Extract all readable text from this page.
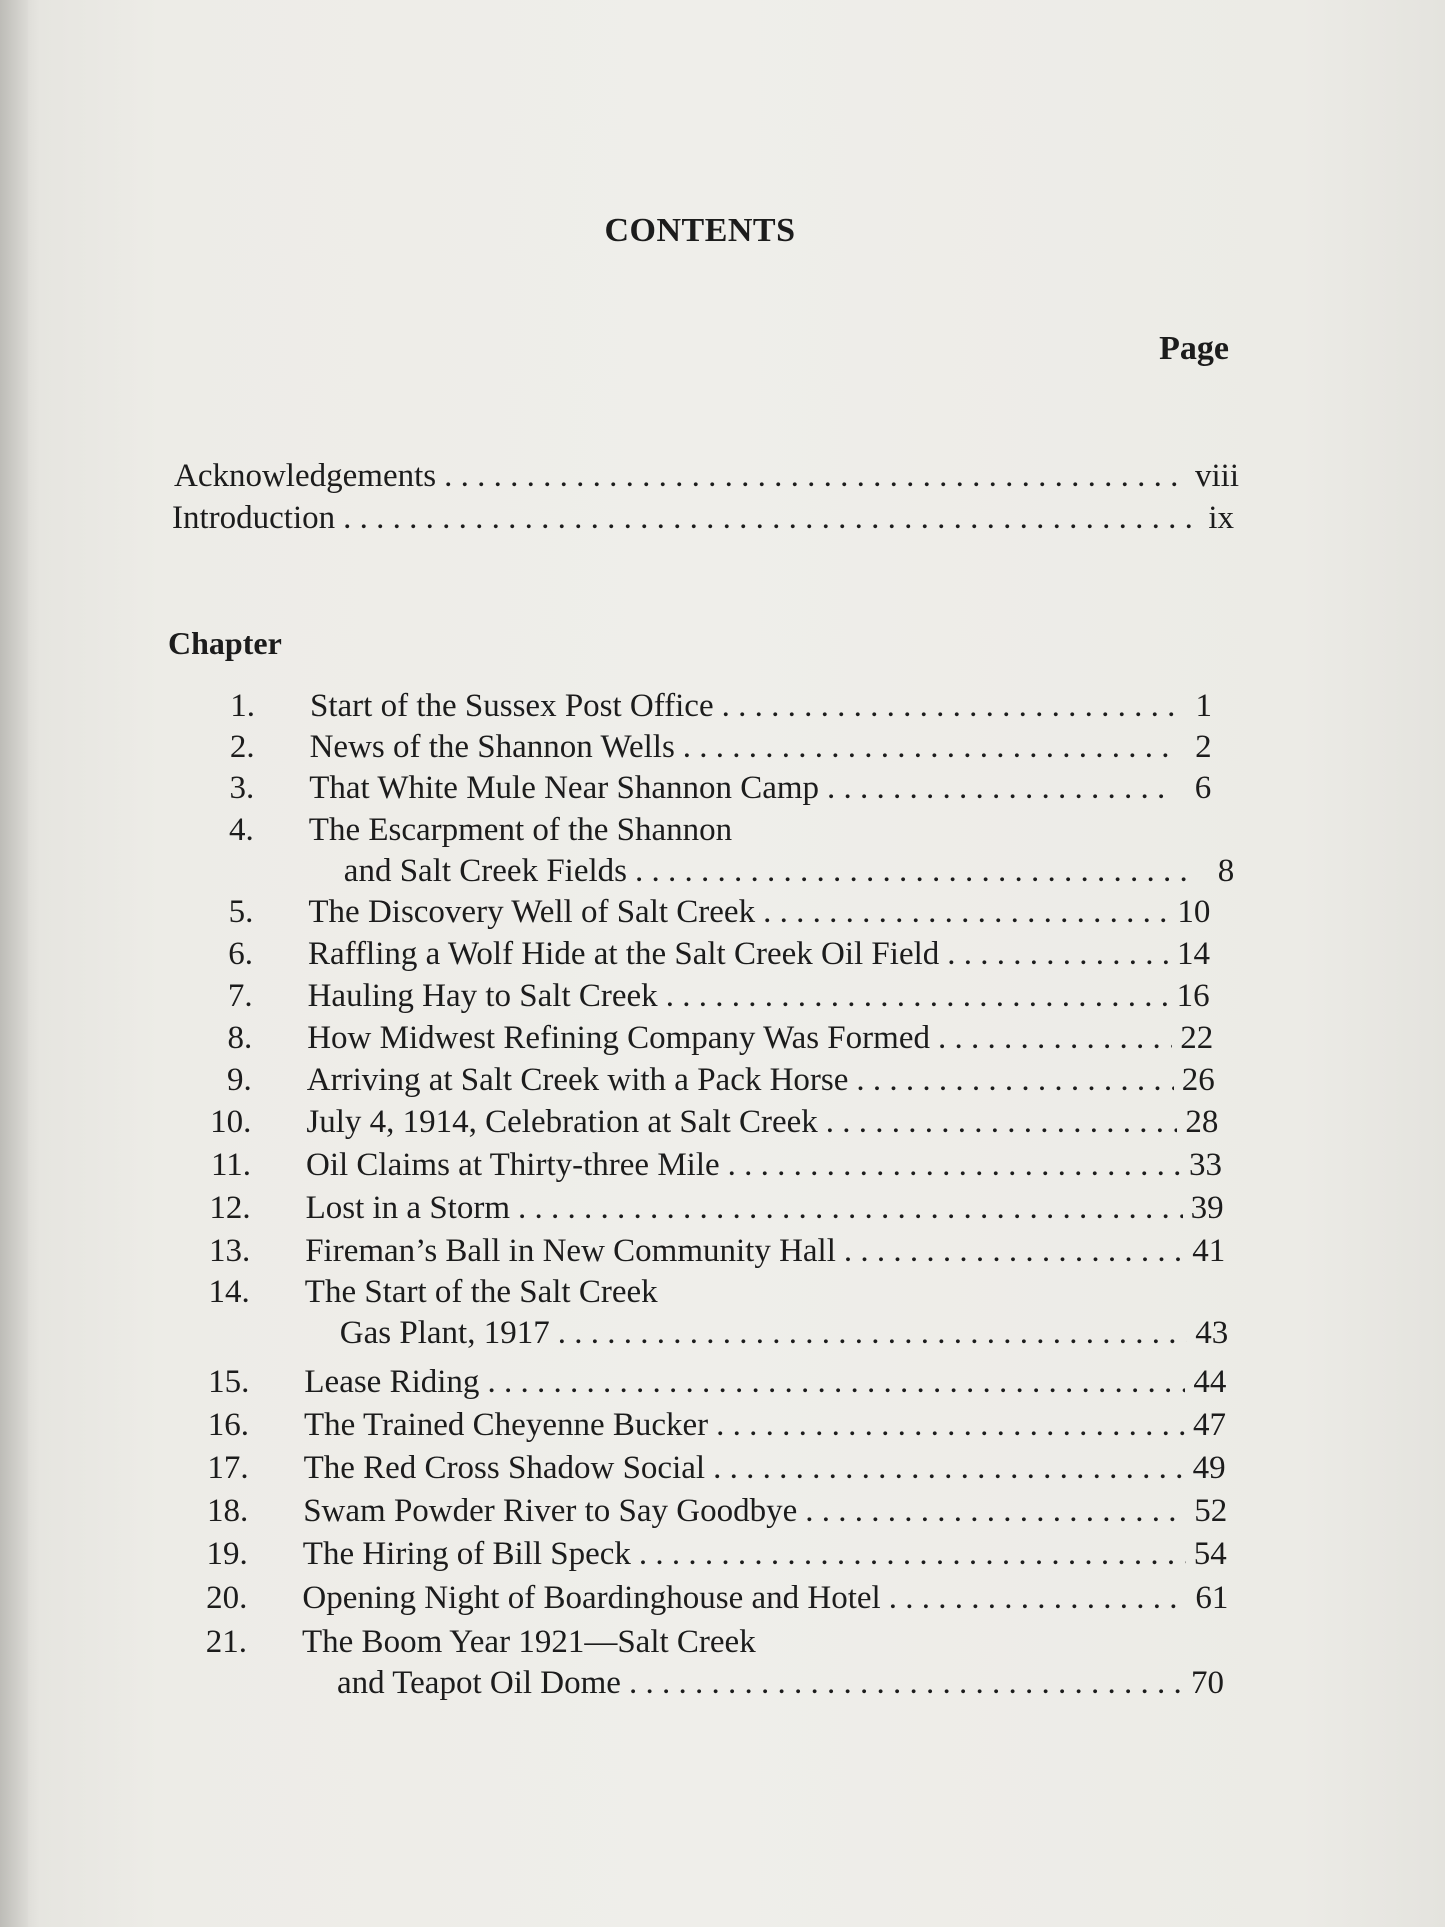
CONTENTS
Page
Acknowledgements . . .	viii
Introduction . . .	ix
Chapter
1. Start of the Sussex Post Office . . .	1
2. News of the Shannon Wells . . .	2
3. That White Mule Near Shannon Camp . . .	6
4. The Escarpment of the Shannon
and Salt Creek Fields . . .	8
5. The Discovery Well of Salt Creek . . .	10
6. Raffling a Wolf Hide at the Salt Creek Oil Field . . .	14
7. Hauling Hay to Salt Creek . . .	16
8. How Midwest Refining Company Was Formed . . .	22
9. Arriving at Salt Creek with a Pack Horse . . .	26
10. July 4, 1914, Celebration at Salt Creek . . .	28
11. Oil Claims at Thirty-three Mile . . .	33
12. Lost in a Storm . . .	39
13. Fireman’s Ball in New Community Hall . . .	41
14. The Start of the Salt Creek
Gas Plant, 1917 . . .	43
15. Lease Riding . . .	44
16. The Trained Cheyenne Bucker . . .	47
17. The Red Cross Shadow Social . . .	49
18. Swam Powder River to Say Goodbye . . .	52
19. The Hiring of Bill Speck . . .	54
20. Opening Night of Boardinghouse and Hotel . . .	61
21. The Boom Year 1921—Salt Creek
and Teapot Oil Dome . . .	70
